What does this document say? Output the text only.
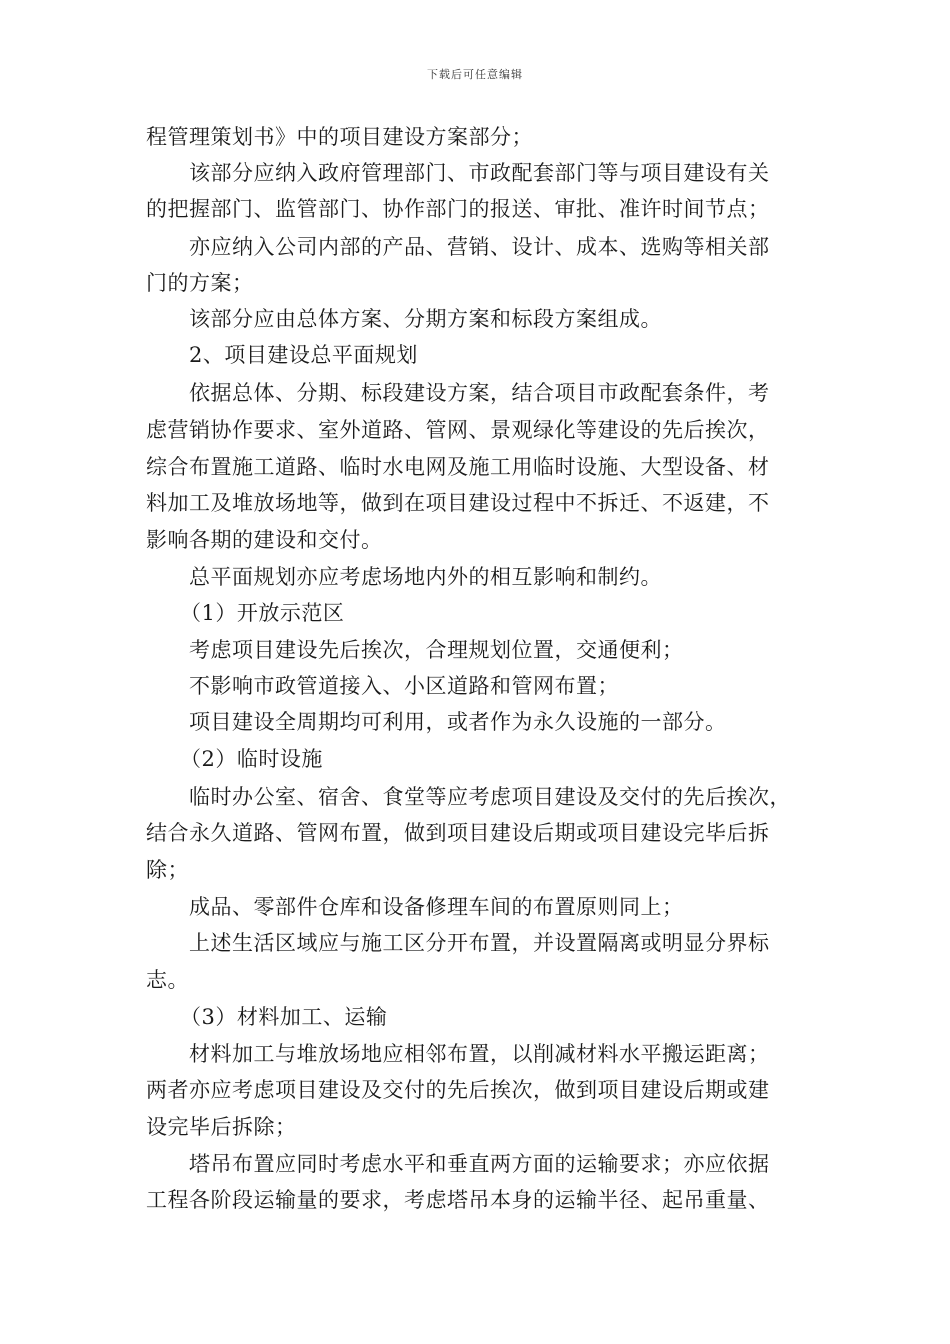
下载后可任意编辑
程管理策划书》中的项目建设方案部分；
该部分应纳入政府管理部门、市政配套部门等与项目建设有关
的把握部门、监管部门、协作部门的报送、审批、准许时间节点；
亦应纳入公司内部的产品、营销、设计、成本、选购等相关部
门的方案；
该部分应由总体方案、分期方案和标段方案组成。
2、项目建设总平面规划
依据总体、分期、标段建设方案，结合项目市政配套条件，考
虑营销协作要求、室外道路、管网、景观绿化等建设的先后挨次，
综合布置施工道路、临时水电网及施工用临时设施、大型设备、材
料加工及堆放场地等，做到在项目建设过程中不拆迁、不返建，不
影响各期的建设和交付。
总平面规划亦应考虑场地内外的相互影响和制约。
（1）开放示范区
考虑项目建设先后挨次，合理规划位置，交通便利；
不影响市政管道接入、小区道路和管网布置；
项目建设全周期均可利用，或者作为永久设施的一部分。
（2）临时设施
临时办公室、宿舍、食堂等应考虑项目建设及交付的先后挨次，
结合永久道路、管网布置，做到项目建设后期或项目建设完毕后拆
除；
成品、零部件仓库和设备修理车间的布置原则同上；
上述生活区域应与施工区分开布置，并设置隔离或明显分界标
志。
（3）材料加工、运输
材料加工与堆放场地应相邻布置，以削减材料水平搬运距离；
两者亦应考虑项目建设及交付的先后挨次，做到项目建设后期或建
设完毕后拆除；
塔吊布置应同时考虑水平和垂直两方面的运输要求；亦应依据
工程各阶段运输量的要求，考虑塔吊本身的运输半径、起吊重量、
